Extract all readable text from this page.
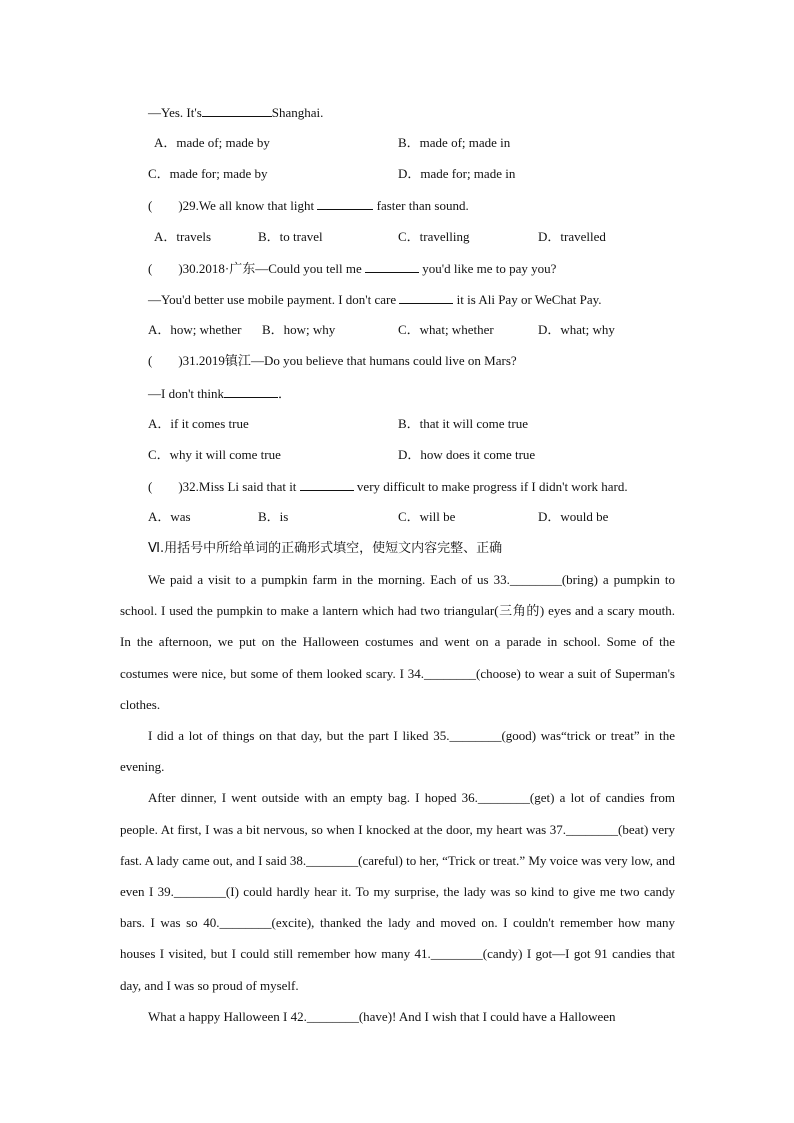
—Yes. It's	Shanghai.
A．made of; made by	B．made of; made in
C．made for; made by	D．made for; made in
(　　)29.We all know that light	faster than sound.
A．travels	B．to travel	C．travelling	D．travelled
(　　)30.2018·广东—Could you tell me	you'd like me to pay you?
—You'd better use mobile payment. I don't care	it is Ali Pay or WeChat Pay.
A．how; whether B．how; why	C．what; whether	D．what; why
(　　)31.2019镇江—Do you believe that humans could live on Mars?
—I don't think	．
A．if it comes true	B．that it will come true
C．why it will come true	D．how does it come true
(　　)32.Miss Li said that it	very difficult to make progress if I didn't work hard.
A．was	B．is	C．will be	D．would be
Ⅵ.用括号中所给单词的正确形式填空，使短文内容完整、正确

We paid a visit to a pumpkin farm in the morning. Each of us 33.________(bring) a pumpkin to school. I used the pumpkin to make a lantern which had two triangular(三角的) eyes and a scary mouth. In the afternoon, we put on the Halloween costumes and went on a parade in school. Some of the costumes were nice, but some of them looked scary. I 34.________(choose) to wear a suit of Superman's clothes.

I did a lot of things on that day, but the part I liked 35.________(good) was“trick or treat” in the evening.

After dinner, I went outside with an empty bag. I hoped 36.________(get) a lot of candies from people. At first, I was a bit nervous, so when I knocked at the door, my heart was 37.________(beat) very fast. A lady came out, and I said 38.________(careful) to her, “Trick or treat.” My voice was very low, and even I 39.________(I) could hardly hear it. To my surprise, the lady was so kind to give me two candy bars. I was so 40.________(excite), thanked the lady and moved on. I couldn't remember how many houses I visited, but I could still remember how many 41.________(candy) I got—I got 91 candies that day, and I was so proud of myself.

What a happy Halloween I 42.________(have)! And I wish that I could have a Halloween
